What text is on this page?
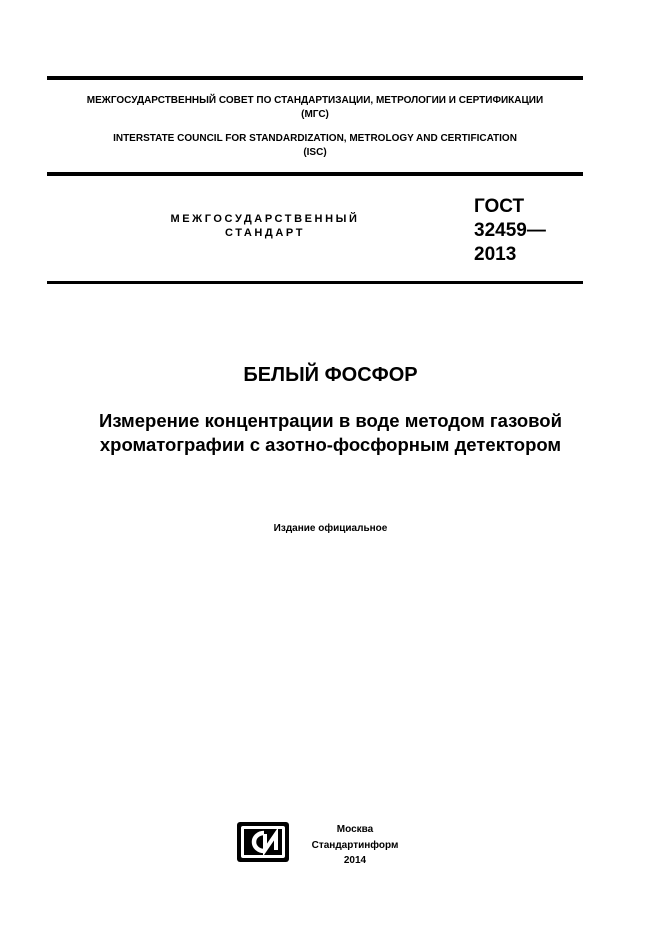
МЕЖГОСУДАРСТВЕННЫЙ СОВЕТ ПО СТАНДАРТИЗАЦИИ, МЕТРОЛОГИИ И СЕРТИФИКАЦИИ
(МГС)
INTERSTATE COUNCIL FOR STANDARDIZATION, METROLOGY AND CERTIFICATION
(ISC)
МЕЖГОСУДАРСТВЕННЫЙ
СТАНДАРТ
ГОСТ
32459—
2013
БЕЛЫЙ ФОСФОР
Измерение концентрации в воде методом газовой
хроматографии с азотно-фосфорным детектором
Издание официальное
Москва
Стандартинформ
2014
